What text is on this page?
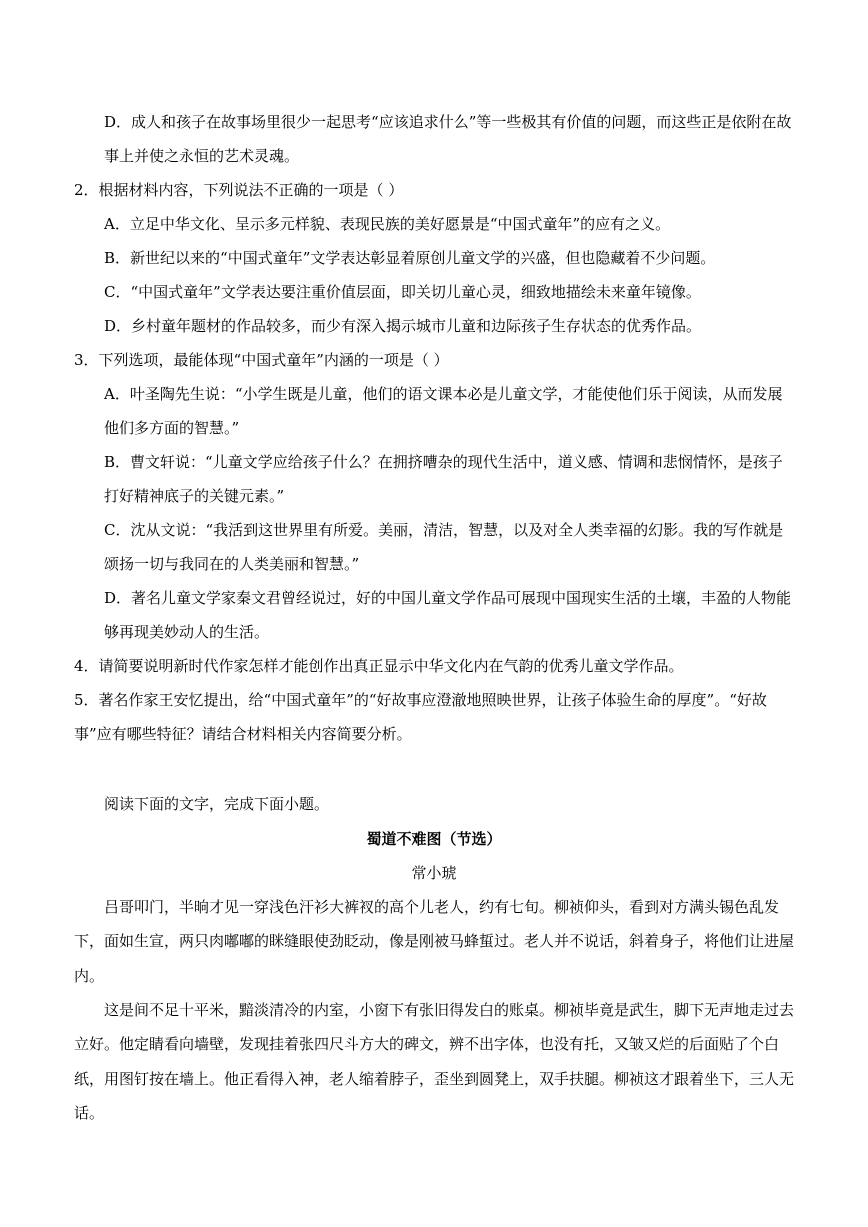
D．成人和孩子在故事场里很少一起思考“应该追求什么”等一些极其有价值的问题，而这些正是依附在故事上并使之永恒的艺术灵魂。
2．根据材料内容，下列说法不正确的一项是（ ）
A．立足中华文化、呈示多元样貌、表现民族的美好愿景是“中国式童年”的应有之义。
B．新世纪以来的“中国式童年”文学表达彰显着原创儿童文学的兴盛，但也隐藏着不少问题。
C．“中国式童年”文学表达要注重价值层面，即关切儿童心灵，细致地描绘未来童年镜像。
D．乡村童年题材的作品较多，而少有深入揭示城市儿童和边际孩子生存状态的优秀作品。
3．下列选项，最能体现“中国式童年”内涵的一项是（ ）
A．叶圣陶先生说：“小学生既是儿童，他们的语文课本必是儿童文学，才能使他们乐于阅读，从而发展他们多方面的智慧。”
B．曹文轩说：“儿童文学应给孩子什么？在拥挤嘈杂的现代生活中，道义感、情调和悲悯情怀，是孩子打好精神底子的关键元素。”
C．沈从文说：“我活到这世界里有所爱。美丽，清洁，智慧，以及对全人类幸福的幻影。我的写作就是颂扬一切与我同在的人类美丽和智慧。”
D．著名儿童文学家秦文君曾经说过，好的中国儿童文学作品可展现中国现实生活的土壤，丰盈的人物能够再现美妙动人的生活。
4．请简要说明新时代作家怎样才能创作出真正显示中华文化内在气韵的优秀儿童文学作品。
5．著名作家王安忆提出，给“中国式童年”的“好故事应澄澈地照映世界，让孩子体验生命的厚度”。“好故事”应有哪些特征？请结合材料相关内容简要分析。
阅读下面的文字，完成下面小题。
蜀道不难图（节选）
常小琥
吕哥叩门，半晌才见一穿浅色汗衫大裤衩的高个儿老人，约有七旬。柳祯仰头，看到对方满头锡色乱发下，面如生宣，两只肉嘟嘟的眯缝眼使劲眨动，像是刚被马蜂蜇过。老人并不说话，斜着身子，将他们让进屋内。
这是间不足十平米，黯淡清冷的内室，小窗下有张旧得发白的账桌。柳祯毕竟是武生，脚下无声地走过去立好。他定睛看向墙壁，发现挂着张四尺斗方大的碑文，辨不出字体，也没有托，又皱又烂的后面贴了个白纸，用图钉按在墙上。他正看得入神，老人缩着脖子，歪坐到圆凳上，双手扶腿。柳祯这才跟着坐下，三人无话。
